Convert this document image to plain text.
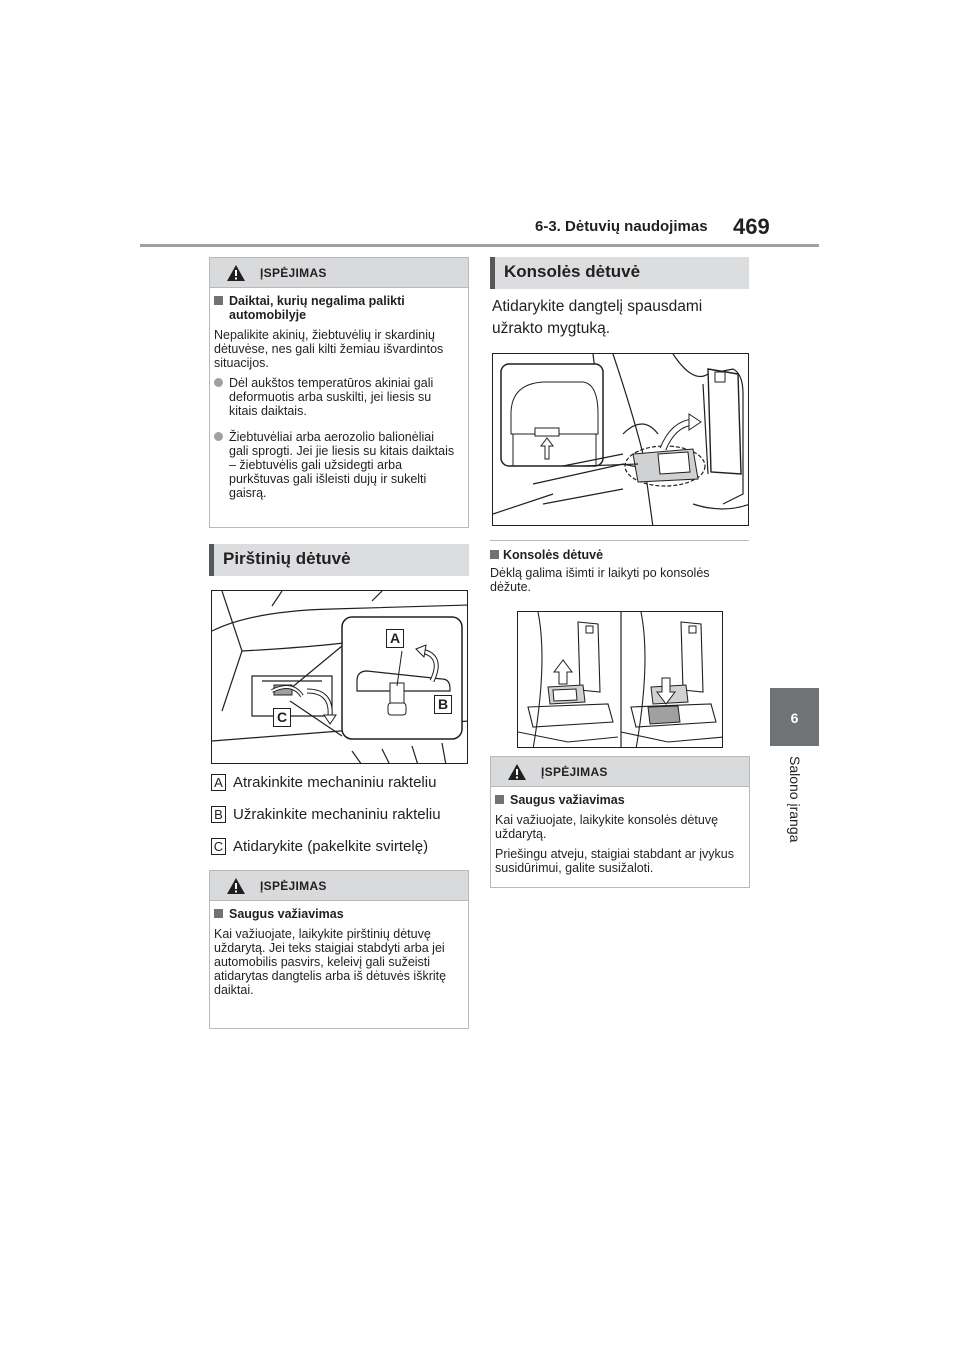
6-3. Dėtuvių naudojimas 469
6
Salono įranga
ĮSPĖJIMAS
Daiktai, kurių negalima palikti automobilyje
Nepalikite akinių, žiebtuvėlių ir skardinių dėtuvėse, nes gali kilti žemiau išvardintos situacijos.
Dėl aukštos temperatūros akiniai gali deformuotis arba suskilti, jei liesis su kitais daiktais.
Žiebtuvėliai arba aerozolio balionėliai gali sprogti. Jei jie liesis su kitais daiktais – žiebtuvėlis gali užsidegti arba purkštuvas gali išleisti dujų ir sukelti gaisrą.
Pirštinių dėtuvė
A
B
C
A Atrakinkite mechaniniu rakteliu
B Užrakinkite mechaniniu rakteliu
C Atidarykite (pakelkite svirtelę)
ĮSPĖJIMAS
Saugus važiavimas
Kai važiuojate, laikykite pirštinių dėtuvę uždarytą. Jei teks staigiai stabdyti arba jei automobilis pasvirs, keleivį gali sužeisti atidarytas dangtelis arba iš dėtuvės iškritę daiktai.
Konsolės dėtuvė
Atidarykite dangtelį spausdami
užrakto mygtuką.
Konsolės dėtuvė
Dėklą galima išimti ir laikyti po konsolės dėžute.
ĮSPĖJIMAS
Saugus važiavimas
Kai važiuojate, laikykite konsolės dėtuvę uždarytą.
Priešingu atveju, staigiai stabdant ar įvykus susidūrimui, galite susižaloti.
